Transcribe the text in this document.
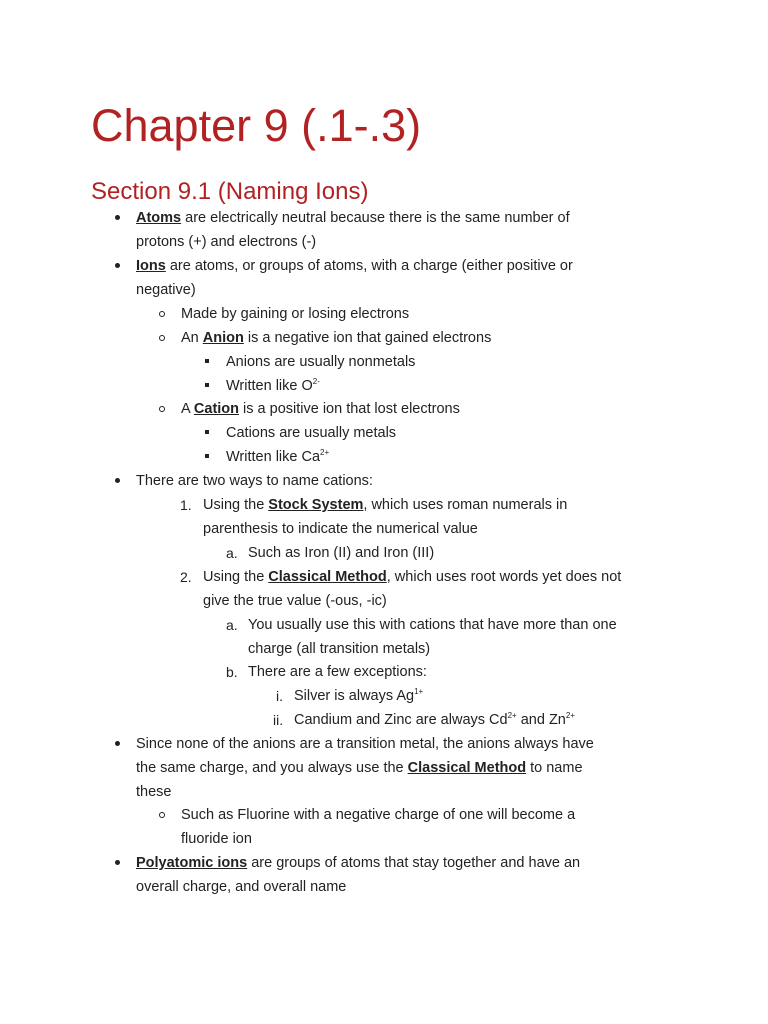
Chapter 9 (.1-.3)
Section 9.1 (Naming Ions)
Atoms are electrically neutral because there is the same number of
protons (+) and electrons (-)
Ions are atoms, or groups of atoms, with a charge (either positive or
negative)
Made by gaining or losing electrons
An Anion is a negative ion that gained electrons
Anions are usually nonmetals
Written like $O^{2-}$
A Cation is a positive ion that lost electrons
Cations are usually metals
Written like $Ca^{2+}$
There are two ways to name cations:
1. Using the Stock System, which uses roman numerals in
parenthesis to indicate the numerical value
a. Such as Iron (II) and Iron (III)
2. Using the Classical Method, which uses root words yet does not
give the true value (-ous, -ic)
a. You usually use this with cations that have more than one
charge (all transition metals)
b. There are a few exceptions:
i. Silver is always $Ag^{1+}$
ii. Candium and Zinc are always $Cd^{2+}$ and $Zn^{2+}$
Since none of the anions are a transition metal, the anions always have
the same charge, and you always use the Classical Method to name
these
Such as Fluorine with a negative charge of one will become a
fluoride ion
Polyatomic ions are groups of atoms that stay together and have an
overall charge, and overall name
